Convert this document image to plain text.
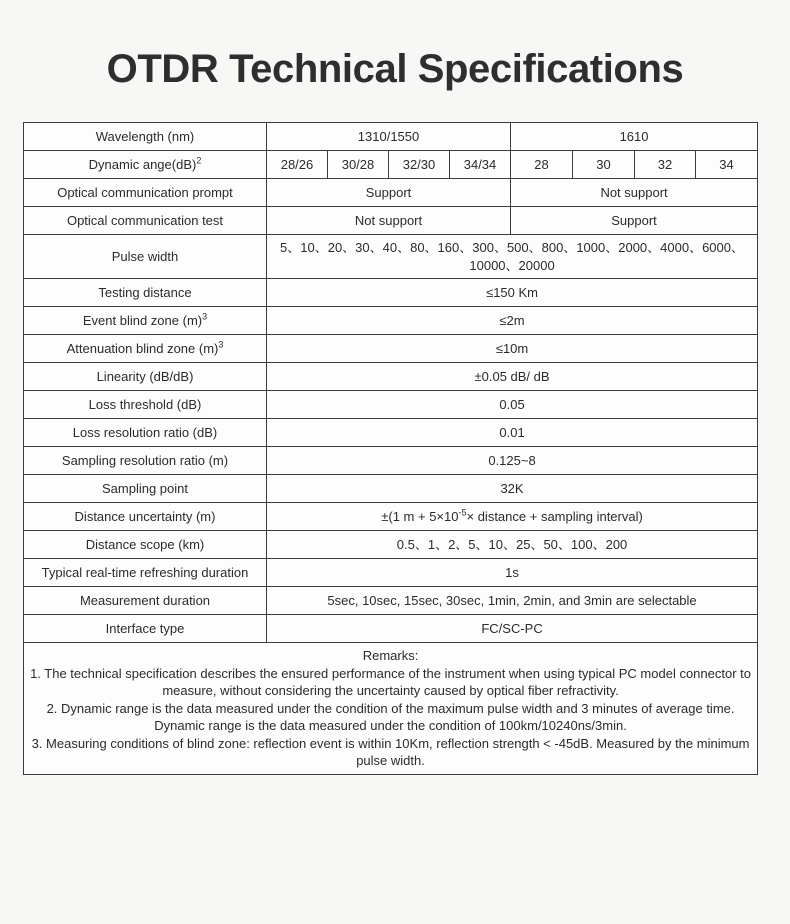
OTDR Technical Specifications
Wavelength (nm)	1310/1550				1610			
Dynamic ange(dB)$^2$	28/26	30/28	32/30	34/34	28	30	32	34
Optical communication prompt	Support				Not support			
Optical communication test	Not support				Support			
Pulse width	5、10、20、30、40、80、160、300、500、800、1000、2000、4000、6000、10000、20000							
Testing distance	≤150 Km							
Event blind zone $(m)^3$	≤2m							
Attenuation blind zone $(m)^3$	≤10m							
Linearity (dB/dB)	±0.05 dB/ dB							
Loss threshold (dB)	0.05							
Loss resolution ratio (dB)	0.01							
Sampling resolution ratio (m)	0.125~8							
Sampling point	32K							
Distance uncertainty (m)	±(1 $m + 5\times 10^{-5}\times$ distance + sampling interval)							
Distance scope (km)	0.5、1、2、5、10、25、50、100、200							
Typical real-time refreshing duration	1s							
Measurement duration	5sec, 10sec, 15sec, 30sec, 1min, 2min, and 3min are selectable							
Interface type	FC/SC-PC							

Remarks:
1. The technical specification describes the ensured performance of the instrument when using typical PC model connector to measure, without considering the uncertainty caused by optical fiber refractivity.
2. Dynamic range is the data measured under the condition of the maximum pulse width and 3 minutes of average time. Dynamic range is the data measured under the condition of 100km/10240ns/3min.
3. Measuring conditions of blind zone: reflection event is within 10Km, reflection strength < -45dB. Measured by the minimum pulse width.								
